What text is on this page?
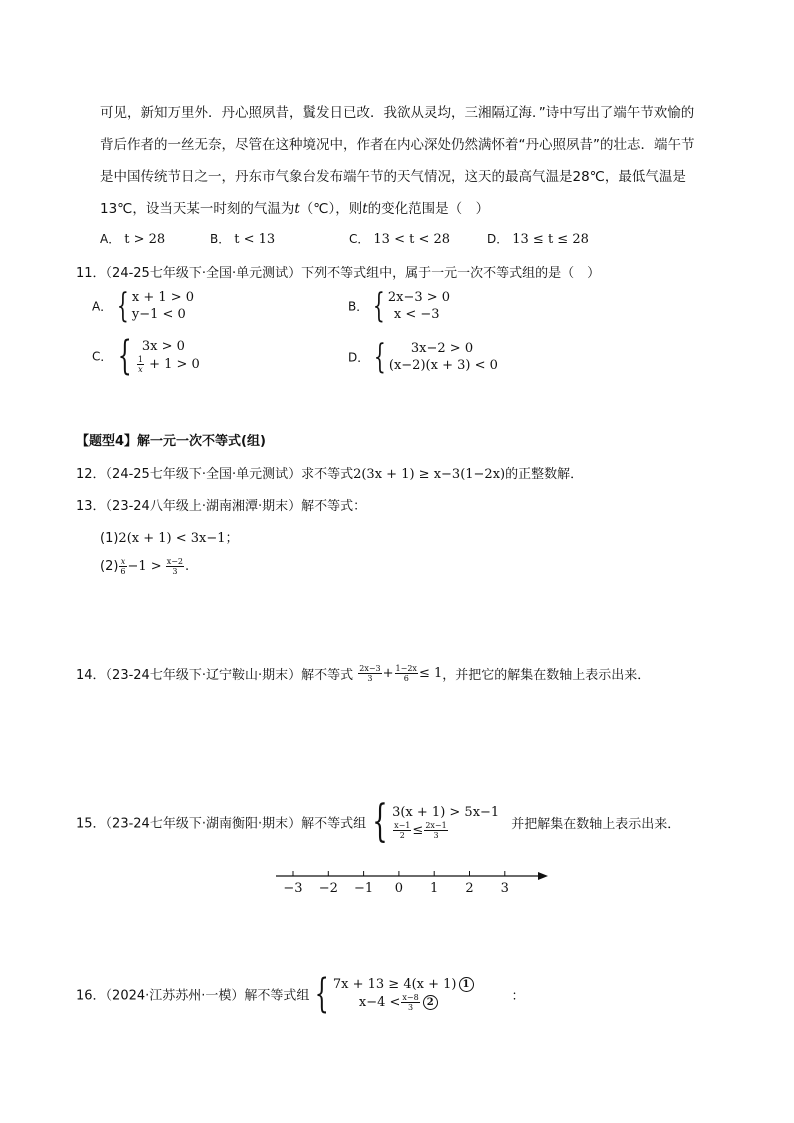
可见，新知万里外．丹心照夙昔，鬒发日已改．我欲从灵均，三湘隔辽海．”诗中写出了端午节欢愉的
背后作者的一丝无奈，尽管在这种境况中，作者在内心深处仍然满怀着“丹心照夙昔”的壮志．端午节
是中国传统节日之一，丹东市气象台发布端午节的天气情况，这天的最高气温是28℃，最低气温是
13℃，设当天某一时刻的气温为t（℃），则t的变化范围是（　）
A． t > 28	B． t < 13	C． 13 < t < 28	D． 13 ≤ t ≤ 28
11．（24-25七年级下·全国·单元测试）下列不等式组中，属于一元一次不等式组的是（　）
A． { x + 1 > 0
y−1 < 0
B． { 2x−3 > 0
x < −3
C． { 3x > 0
$\frac{1}{x} + 1 > 0$	D． {	3x−2 > 0
(x−2)(x + 3) < 0
【题型4】解一元一次不等式(组)
12．（24-25七年级下·全国·单元测试）求不等式2(3x + 1) ≥ x−3(1−2x)的正整数解．
13．（23-24八年级上·湖南湘潭·期末）解不等式：
(1)2(x + 1) < 3x−1；
$(2) \frac{x}{6} -1 > \frac{x-2}{3}$ .
14．（23-24七年级下·辽宁鞍山·期末）解不等式 $\frac{2x-3}{3} + \frac{1-2x}{6} \le 1$，并把它的解集在数轴上表示出来．
15．（23-24七年级下·湖南衡阳·期末）解不等式组 { 3(x + 1) > 5x−1
$\frac{x-1}{2} \le \frac{2x-1}{3}$	并把解集在数轴上表示出来．
−3 −2 −1 0 1 2 3
16．（2024·江苏苏州·一模）解不等式组 { 7x + 13 ≥ 4(x + 1) 1
$x-4 < \frac{x-8}{3} 2$	：
